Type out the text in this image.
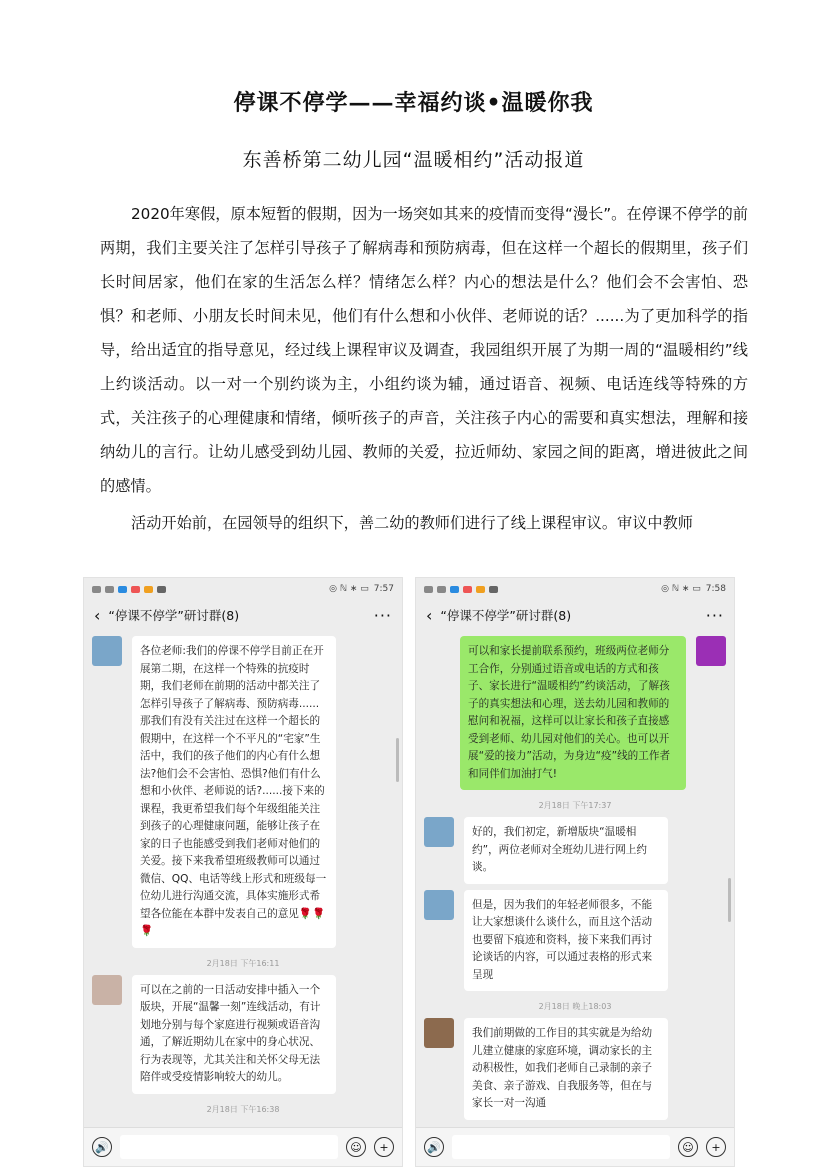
停课不停学——幸福约谈•温暖你我
东善桥第二幼儿园“温暖相约”活动报道

2020年寒假，原本短暂的假期，因为一场突如其来的疫情而变得“漫长”。在停课不停学的前两期，我们主要关注了怎样引导孩子了解病毒和预防病毒，但在这样一个超长的假期里，孩子们长时间居家，他们在家的生活怎么样？情绪怎么样？内心的想法是什么？他们会不会害怕、恐惧？和老师、小朋友长时间未见，他们有什么想和小伙伴、老师说的话？......为了更加科学的指导，给出适宜的指导意见，经过线上课程审议及调查，我园组织开展了为期一周的“温暖相约”线上约谈活动。以一对一个别约谈为主，小组约谈为辅，通过语音、视频、电话连线等特殊的方式，关注孩子的心理健康和情绪，倾听孩子的声音，关注孩子内心的需要和真实想法，理解和接纳幼儿的言行。让幼儿感受到幼儿园、教师的关爱，拉近师幼、家园之间的距离，增进彼此之间的感情。

活动开始前，在园领导的组织下，善二幼的教师们进行了线上课程审议。审议中教师

◎ ℕ ∗ ▭ 7:57
‹ “停课不停学”研讨群(8)	···
各位老师:我们的停课不停学目前正在开展第二期，在这样一个特殊的抗疫时期，我们老师在前期的活动中都关注了怎样引导孩子了解病毒、预防病毒......那我们有没有关注过在这样一个超长的假期中，在这样一个不平凡的“宅家”生活中，我们的孩子他们的内心有什么想法?他们会不会害怕、恐惧?他们有什么想和小伙伴、老师说的话?......接下来的课程，我更希望我们每个年级组能关注到孩子的心理健康问题，能够让孩子在家的日子也能感受到我们老师对他们的关爱。接下来我希望班级教师可以通过微信、QQ、电话等线上形式和班级每一位幼儿进行沟通交流，具体实施形式希望各位能在本群中发表自己的意见🌹🌹🌹
2月18日 下午16:11
可以在之前的一日活动安排中插入一个版块，开展“温馨一刻”连线活动，有计划地分别与每个家庭进行视频或语音沟通，了解近期幼儿在家中的身心状况、行为表现等，尤其关注和关怀父母无法陪伴或受疫情影响较大的幼儿。
2月18日 下午16:38
🔊	☺	+
◎ ℕ ∗ ▭ 7:58
‹ “停课不停学”研讨群(8)	···
可以和家长提前联系预约，班级两位老师分工合作，分别通过语音或电话的方式和孩子、家长进行“温暖相约”约谈活动，了解孩子的真实想法和心理，送去幼儿园和教师的慰问和祝福，这样可以让家长和孩子直接感受到老师、幼儿园对他们的关心。也可以开展“爱的接力”活动，为身边“疫”线的工作者和同伴们加油打气!
2月18日 下午17:37
好的，我们初定，新增版块“温暖相约”，两位老师对全班幼儿进行网上约谈。
但是，因为我们的年轻老师很多，不能让大家想谈什么谈什么，而且这个活动也要留下痕迹和资料，接下来我们再讨论谈话的内容，可以通过表格的形式来呈现
2月18日 晚上18:03
我们前期做的工作目的其实就是为给幼儿建立健康的家庭环境，调动家长的主动积极性，如我们老师自己录制的亲子美食、亲子游戏、自我服务等，但在与家长一对一沟通
🔊	☺	+
